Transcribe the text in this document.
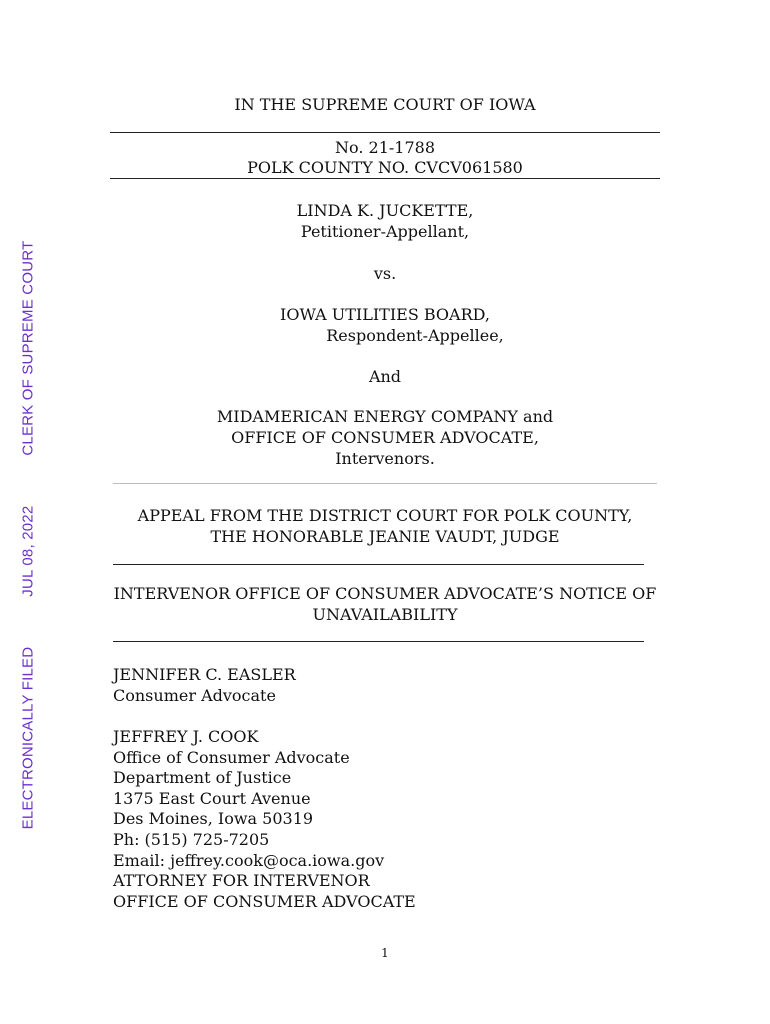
ELECTRONICALLY FILEDJUL 08, 2022CLERK OF SUPREME COURT
IN THE SUPREME COURT OF IOWA
No. 21-1788
POLK COUNTY NO. CVCV061580
LINDA K. JUCKETTE,
Petitioner-Appellant,
vs.
IOWA UTILITIES BOARD,
Respondent-Appellee,
And
MIDAMERICAN ENERGY COMPANY and
OFFICE OF CONSUMER ADVOCATE,
Intervenors.
APPEAL FROM THE DISTRICT COURT FOR POLK COUNTY,
THE HONORABLE JEANIE VAUDT, JUDGE
INTERVENOR OFFICE OF CONSUMER ADVOCATE’S NOTICE OF
UNAVAILABILITY
JENNIFER C. EASLER
Consumer Advocate
JEFFREY J. COOK
Office of Consumer Advocate
Department of Justice
1375 East Court Avenue
Des Moines, Iowa 50319
Ph: (515) 725-7205
Email: jeffrey.cook@oca.iowa.gov
ATTORNEY FOR INTERVENOR
OFFICE OF CONSUMER ADVOCATE
1
